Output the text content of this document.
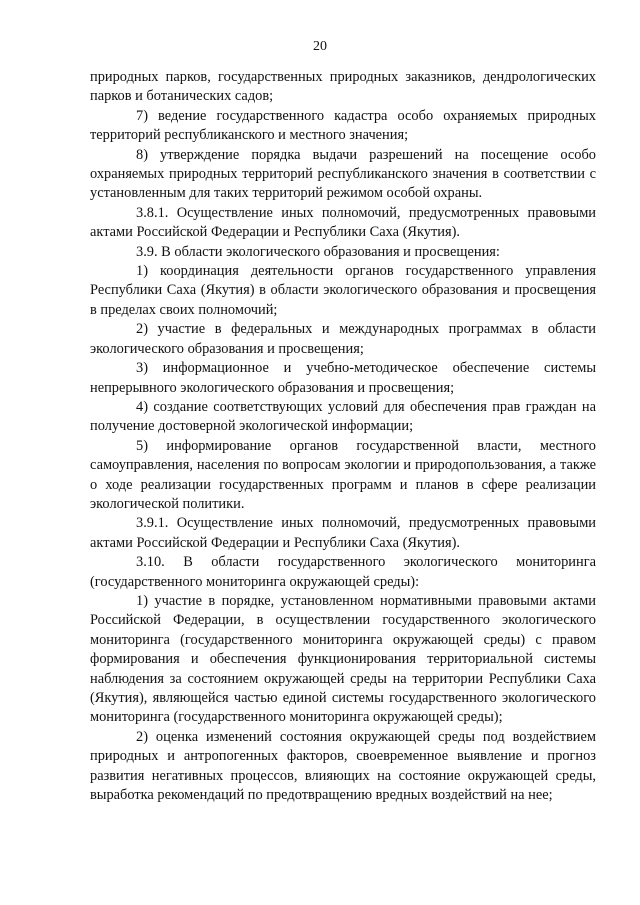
20

природных парков, государственных природных заказников, дендрологических парков и ботанических садов;

7) ведение государственного кадастра особо охраняемых природных территорий республиканского и местного значения;

8) утверждение порядка выдачи разрешений на посещение особо охраняемых природных территорий республиканского значения в соответствии с установленным для таких территорий режимом особой охраны.

3.8.1. Осуществление иных полномочий, предусмотренных правовыми актами Российской Федерации и Республики Саха (Якутия).

3.9. В области экологического образования и просвещения:

1) координация деятельности органов государственного управления Республики Саха (Якутия) в области экологического образования и просвещения в пределах своих полномочий;

2) участие в федеральных и международных программах в области экологического образования и просвещения;

3) информационное и учебно-методическое обеспечение системы непрерывного экологического образования и просвещения;

4) создание соответствующих условий для обеспечения прав граждан на получение достоверной экологической информации;

5) информирование органов государственной власти, местного самоуправления, населения по вопросам экологии и природопользования, а также о ходе реализации государственных программ и планов в сфере реализации экологической политики.

3.9.1. Осуществление иных полномочий, предусмотренных правовыми актами Российской Федерации и Республики Саха (Якутия).

3.10. В области государственного экологического мониторинга (государственного мониторинга окружающей среды):

1) участие в порядке, установленном нормативными правовыми актами Российской Федерации, в осуществлении государственного экологического мониторинга (государственного мониторинга окружающей среды) с правом формирования и обеспечения функционирования территориальной системы наблюдения за состоянием окружающей среды на территории Республики Саха (Якутия), являющейся частью единой системы государственного экологического мониторинга (государственного мониторинга окружающей среды);

2) оценка изменений состояния окружающей среды под воздействием природных и антропогенных факторов, своевременное выявление и прогноз развития негативных процессов, влияющих на состояние окружающей среды, выработка рекомендаций по предотвращению вредных воздействий на нее;
